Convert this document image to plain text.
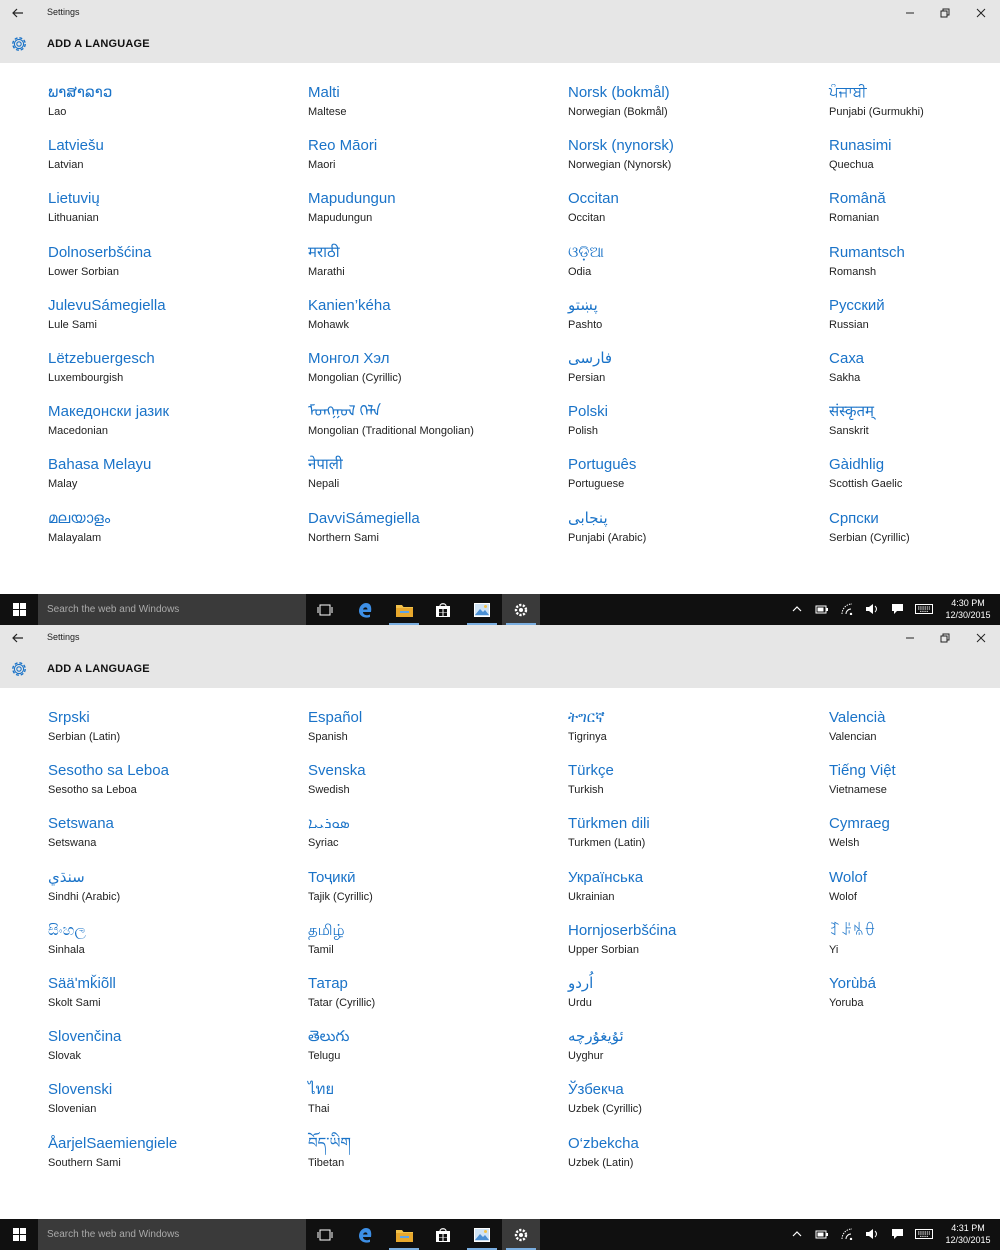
Settings
ADD A LANGUAGE
ພາສາລາວ
Lao
Latviešu
Latvian
Lietuvių
Lithuanian
Dolnoserbšćina
Lower Sorbian
JulevuSámegiella
Lule Sami
Lëtzebuergesch
Luxembourgish
Македонски јазик
Macedonian
Bahasa Melayu
Malay
മലയാളം
Malayalam
Malti
Maltese
Reo Māori
Maori
Mapudungun
Mapudungun
मराठी
Marathi
Kanien’kéha
Mohawk
Монгол Хэл
Mongolian (Cyrillic)
ᠮᠣᠩᠭᠣᠯ ᠬᠡᠯᠡ
Mongolian (Traditional Mongolian)
नेपाली
Nepali
DavviSámegiella
Northern Sami
Norsk (bokmål)
Norwegian (Bokmål)
Norsk (nynorsk)
Norwegian (Nynorsk)
Occitan
Occitan
ଓଡ଼ିଆ
Odia
پښتو
Pashto
فارسى
Persian
Polski
Polish
Português
Portuguese
پنجابی
Punjabi (Arabic)
ਪੰਜਾਬੀ
Punjabi (Gurmukhi)
Runasimi
Quechua
Română
Romanian
Rumantsch
Romansh
Русский
Russian
Саха
Sakha
संस्कृतम्
Sanskrit
Gàidhlig
Scottish Gaelic
Српски
Serbian (Cyrillic)
Search the web and Windows
4:30 PM
12/30/2015
Settings
ADD A LANGUAGE
Srpski
Serbian (Latin)
Sesotho sa Leboa
Sesotho sa Leboa
Setswana
Setswana
سنڌي
Sindhi (Arabic)
සිංහල
Sinhala
Sääʹmǩiõll
Skolt Sami
Slovenčina
Slovak
Slovenski
Slovenian
ÅarjelSaemiengiele
Southern Sami
Español
Spanish
Svenska
Swedish
ܣܘܪܝܝܐ
Syriac
Тоҷикӣ
Tajik (Cyrillic)
தமிழ்
Tamil
Татар
Tatar (Cyrillic)
తెలుగు
Telugu
ไทย
Thai
བོད་ཡིག
Tibetan
ትግርኛ
Tigrinya
Türkçe
Turkish
Türkmen dili
Turkmen (Latin)
Українська
Ukrainian
Hornjoserbšćina
Upper Sorbian
اُردو
Urdu
ئۇيغۇرچە
Uyghur
Ўзбекча
Uzbek (Cyrillic)
O‘zbekcha
Uzbek (Latin)
Valencià
Valencian
Tiếng Việt
Vietnamese
Cymraeg
Welsh
Wolof
Wolof
ꆈꌠꁱꂷ
Yi
Yorùbá
Yoruba
Search the web and Windows
4:31 PM
12/30/2015
